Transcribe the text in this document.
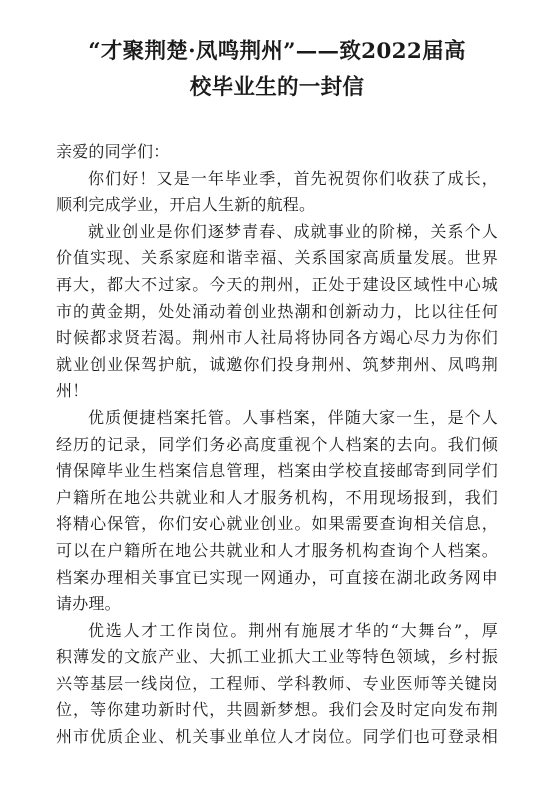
“才聚荆楚·凤鸣荆州”——致2022届高
校毕业生的一封信
亲爱的同学们：
你们好！又是一年毕业季，首先祝贺你们收获了成长，
顺利完成学业，开启人生新的航程。
就业创业是你们逐梦青春、成就事业的阶梯，关系个人
价值实现、关系家庭和谐幸福、关系国家高质量发展。世界
再大，都大不过家。今天的荆州，正处于建设区域性中心城
市的黄金期，处处涌动着创业热潮和创新动力，比以往任何
时候都求贤若渴。荆州市人社局将协同各方竭心尽力为你们
就业创业保驾护航，诚邀你们投身荆州、筑梦荆州、凤鸣荆
州！
优质便捷档案托管。人事档案，伴随大家一生，是个人
经历的记录，同学们务必高度重视个人档案的去向。我们倾
情保障毕业生档案信息管理，档案由学校直接邮寄到同学们
户籍所在地公共就业和人才服务机构，不用现场报到，我们
将精心保管，你们安心就业创业。如果需要查询相关信息，
可以在户籍所在地公共就业和人才服务机构查询个人档案。
档案办理相关事宜已实现一网通办，可直接在湖北政务网申
请办理。
优选人才工作岗位。荆州有施展才华的“大舞台”，厚
积薄发的文旅产业、大抓工业抓大工业等特色领域，乡村振
兴等基层一线岗位，工程师、学科教师、专业医师等关键岗
位，等你建功新时代，共圆新梦想。我们会及时定向发布荆
州市优质企业、机关事业单位人才岗位。同学们也可登录相
